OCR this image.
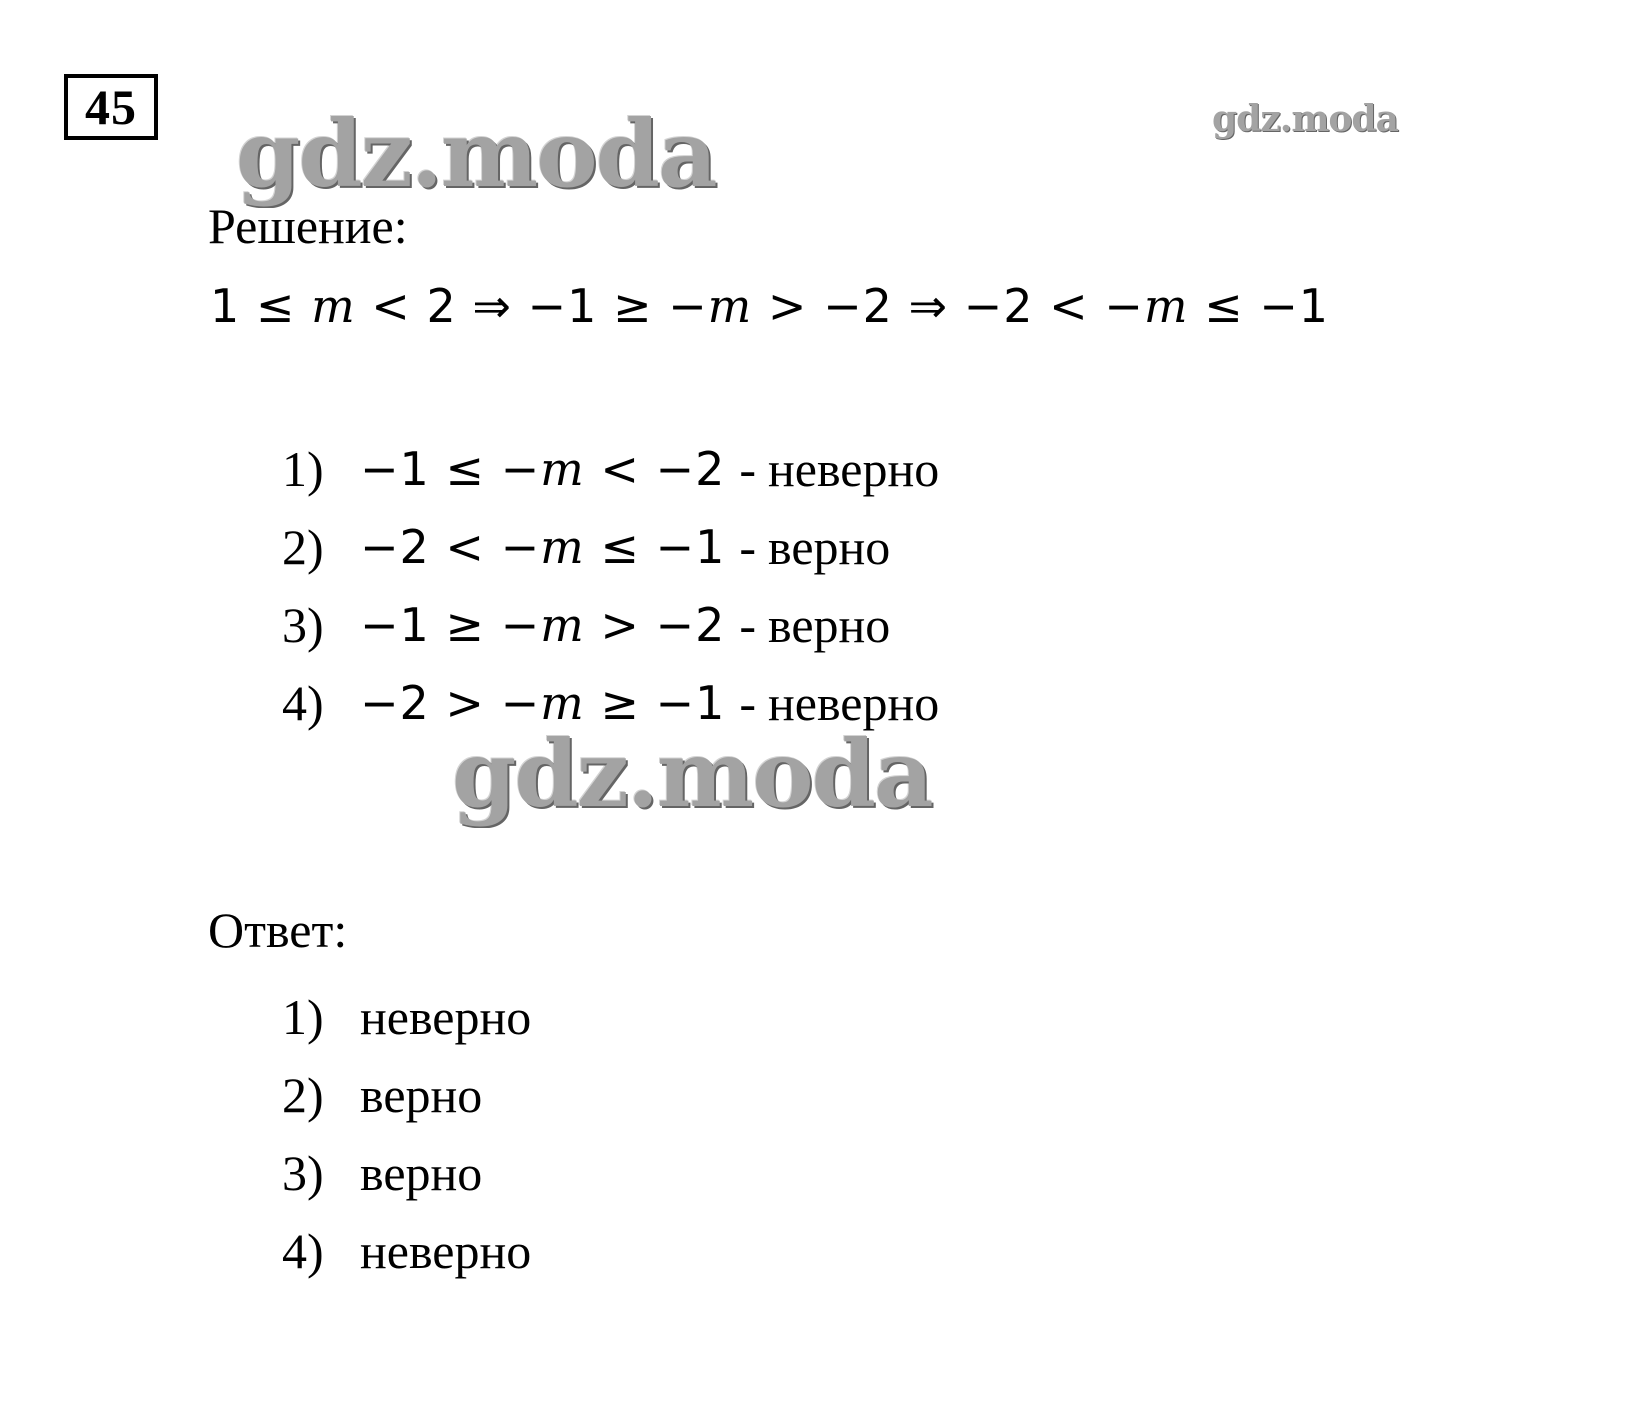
45 gdz.moda	gdz.moda
Решение:
1 ≤ m < 2 ⇒ −1 ≥ −m > −2 ⇒ −2 < −m ≤ −1
1) −1 ≤ −m < −2 - неверно
2) −2 < −m ≤ −1 - верно
3) −1 ≥ −m > −2 - верно
4) −2 > −m ≥ −1 - неверно
gdz.moda
Ответ:
1) неверно
2) верно
3) верно
4) неверно
